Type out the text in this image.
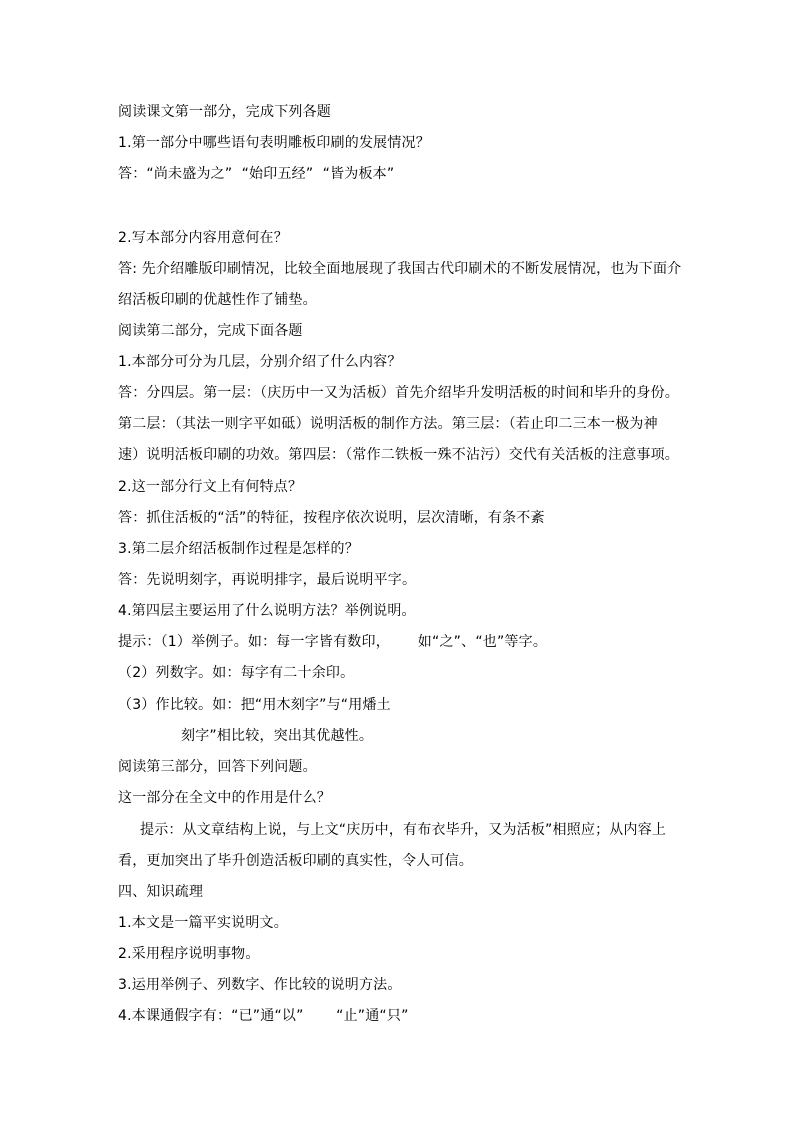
阅读课文第一部分，完成下列各题
1.第一部分中哪些语句表明雕板印刷的发展情况？
答：“尚未盛为之”  “始印五经”  “皆为板本”
2.写本部分内容用意何在？
答: 先介绍雕版印刷情况，比较全面地展现了我国古代印刷术的不断发展情况，也为下面介
绍活板印刷的优越性作了铺垫。
阅读第二部分，完成下面各题
1.本部分可分为几层，分别介绍了什么内容？
答：分四层。第一层：（庆历中一又为活板）首先介绍毕升发明活板的时间和毕升的身份。
第二层：（其法一则字平如砥）说明活板的制作方法。第三层：（若止印二三本一极为神
速）说明活板印刷的功效。第四层：（常作二铁板一殊不沾污）交代有关活板的注意事项。
2.这一部分行文上有何特点？
答：抓住活板的“活”的特征，按程序依次说明，层次清晰，有条不紊
3.第二层介绍活板制作过程是怎样的？
答：先说明刻字，再说明排字，最后说明平字。
4.第四层主要运用了什么说明方法？举例说明。
提示：（1）举例子。如：每一字皆有数印，      如“之”、“也”等字。
（2）列数字。如：每字有二十余印。
（3）作比较。如：把“用木刻字”与“用燔土
刻字”相比较，突出其优越性。
阅读第三部分，回答下列问题。
这一部分在全文中的作用是什么？
提示：从文章结构上说，与上文“庆历中，有布衣毕升，又为活板”相照应；从内容上
看，更加突出了毕升创造活板印刷的真实性，令人可信。
四、知识疏理
1.本文是一篇平实说明文。
2.采用程序说明事物。
3.运用举例子、列数字、作比较的说明方法。
4.本课通假字有：“已”通“以”       “止”通“只”
